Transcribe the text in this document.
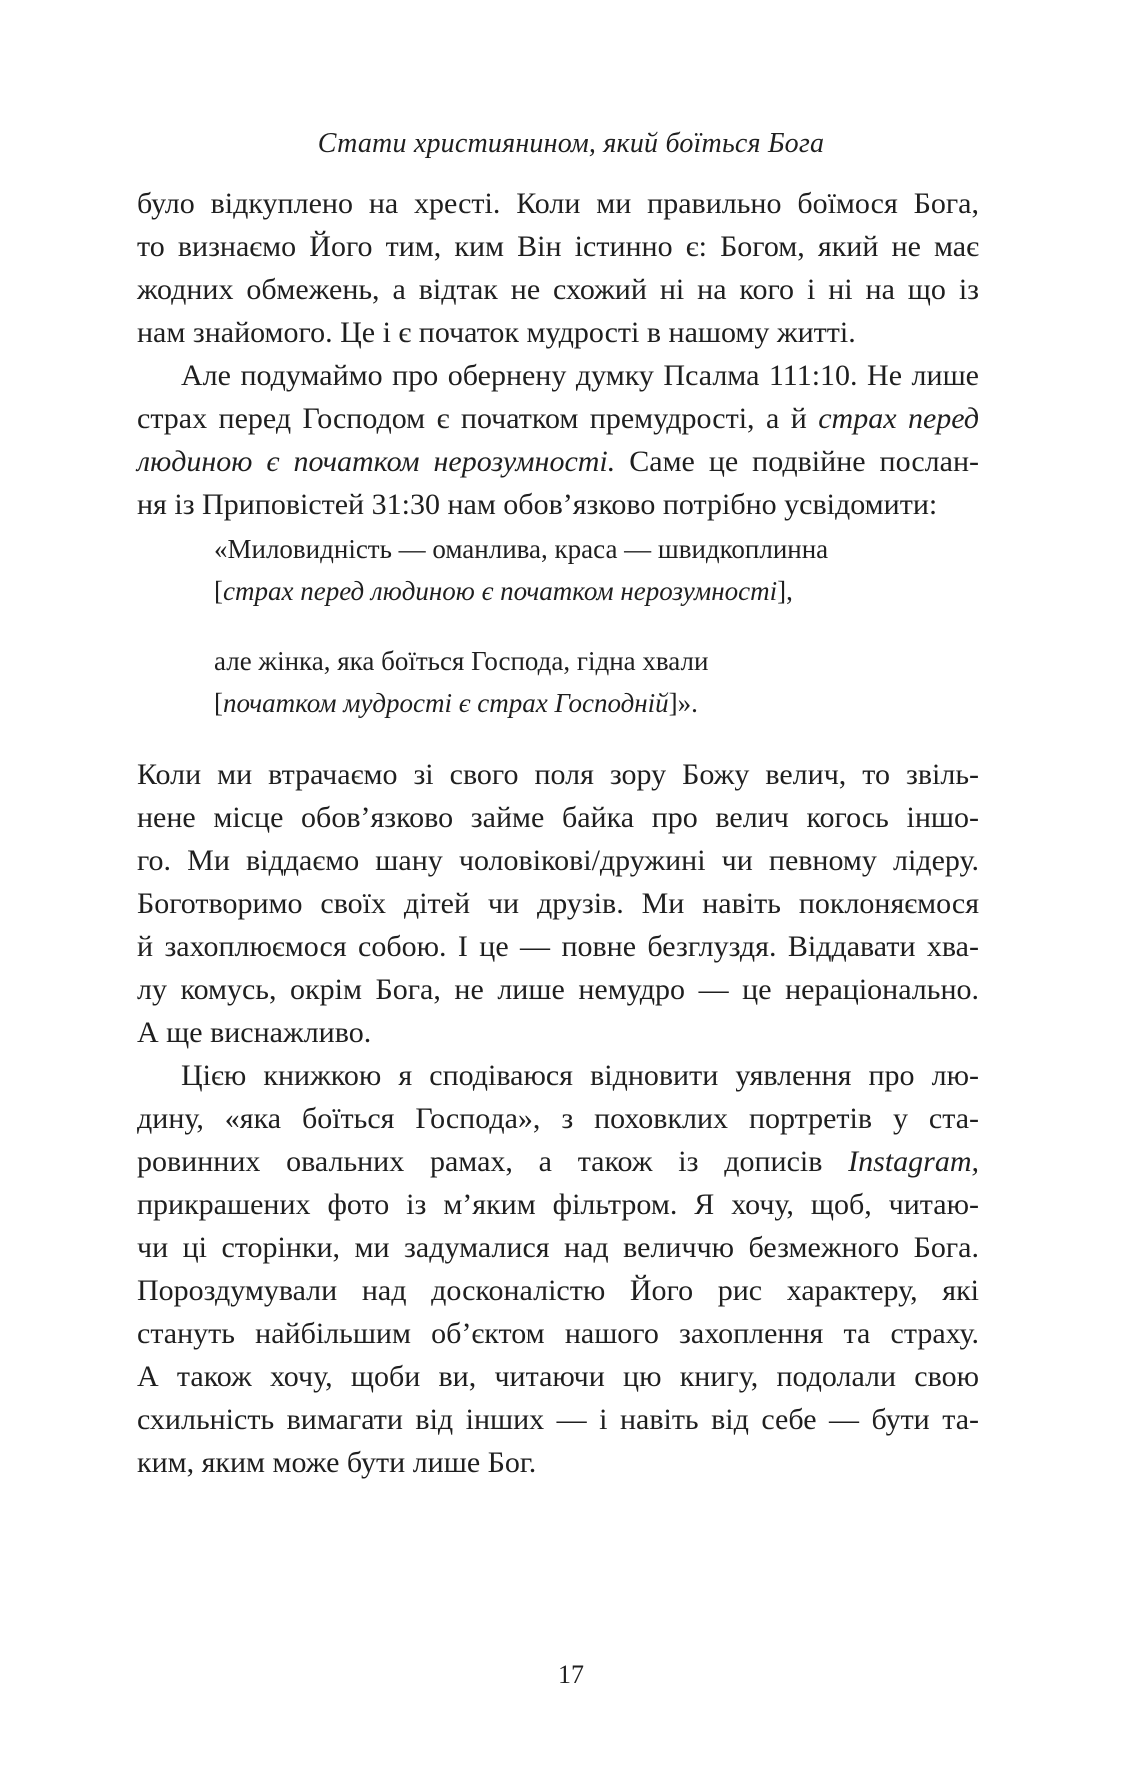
Стати християнином, який боїться Бога
було відкуплено на хресті. Коли ми правильно боїмося Бога,
то визнаємо Його тим, ким Він істинно є: Богом, який не має
жодних обмежень, а відтак не схожий ні на кого і ні на що із
нам знайомого. Це і є початок мудрості в нашому житті.
Але подумаймо про обернену думку Псалма 111:10. Не лише
страх перед Господом є початком премудрості, а й страх перед
людиною є початком нерозумності. Саме це подвійне послан-
ня із Приповістей 31:30 нам обов’язково потрібно усвідомити:
«Миловидність — оманлива, краса — швидкоплинна
[страх перед людиною є початком нерозумності],
але жінка, яка боїться Господа, гідна хвали
[початком мудрості є страх Господній]».
Коли ми втрачаємо зі свого поля зору Божу велич, то звіль-
нене місце обов’язково займе байка про велич когось іншо-
го. Ми віддаємо шану чоловікові/дружині чи певному лідеру.
Боготворимо своїх дітей чи друзів. Ми навіть поклоняємося
й захоплюємося собою. І це — повне безглуздя. Віддавати хва-
лу комусь, окрім Бога, не лише немудро — це нераціонально.
А ще виснажливо.
Цією книжкою я сподіваюся відновити уявлення про лю-
дину, «яка боїться Господа», з поховклих портретів у ста-
ровинних овальних рамах, а також із дописів Instagram,
прикрашених фото із м’яким фільтром. Я хочу, щоб, читаю-
чи ці сторінки, ми задумалися над величчю безмежного Бога.
Пороздумували над досконалістю Його рис характеру, які
стануть найбільшим об’єктом нашого захоплення та страху.
А також хочу, щоби ви, читаючи цю книгу, подолали свою
схильність вимагати від інших — і навіть від себе — бути та-
ким, яким може бути лише Бог.
17
